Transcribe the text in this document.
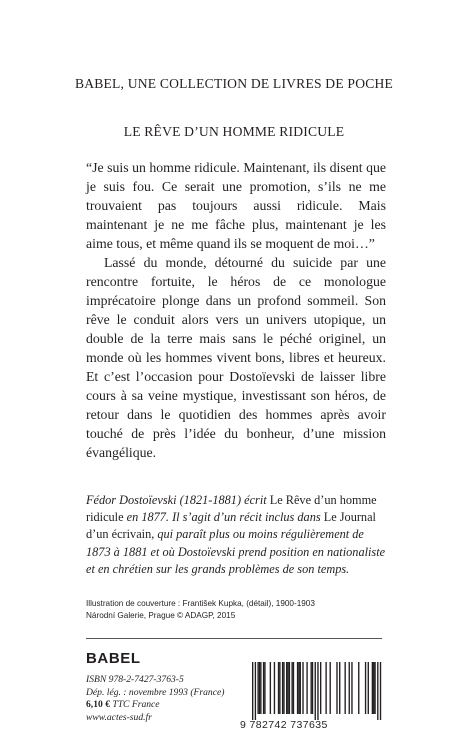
BABEL, UNE COLLECTION DE LIVRES DE POCHE
LE RÊVE D’UN HOMME RIDICULE

“Je suis un homme ridicule. Maintenant, ils disent que je suis fou. Ce serait une promotion, s’ils ne me trouvaient pas toujours aussi ridicule. Mais maintenant je ne me fâche plus, maintenant je les aime tous, et même quand ils se moquent de moi…”

Lassé du monde, détourné du suicide par une rencontre fortuite, le héros de ce monologue imprécatoire plonge dans un profond sommeil. Son rêve le conduit alors vers un univers utopique, un double de la terre mais sans le péché originel, un monde où les hommes vivent bons, libres et heureux. Et c’est l’occasion pour Dostoïevski de laisser libre cours à sa veine mystique, investissant son héros, de retour dans le quotidien des hommes après avoir touché de près l’idée du bonheur, d’une mission évangélique.

Fédor Dostoïevski (1821-1881) écrit Le Rêve d’un homme ridicule en 1877. Il s’agit d’un récit inclus dans Le Journal d’un écrivain, qui paraît plus ou moins régulièrement de 1873 à 1881 et où Dostoïevski prend position en nationaliste et en chrétien sur les grands problèmes de son temps.

Illustration de couverture : František Kupka, (détail), 1900-1903
Národní Galerie, Prague © ADAGP, 2015
BABEL
ISBN 978-2-7427-3763-5
Dép. lég. : novembre 1993 (France)
6,10 € TTC France
www.actes-sud.fr
9 782742 737635
